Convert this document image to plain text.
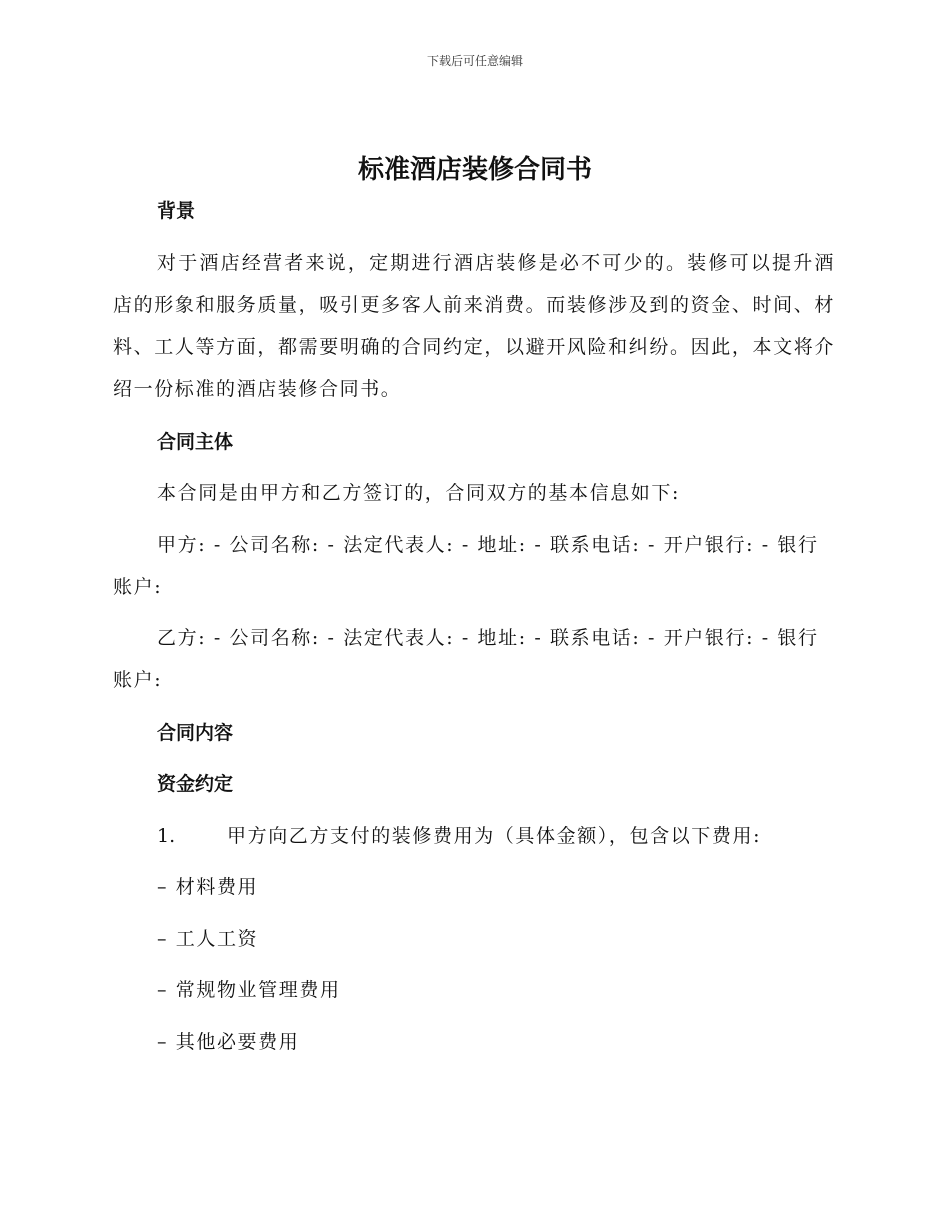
下载后可任意编辑
标准酒店装修合同书
背景

对于酒店经营者来说，定期进行酒店装修是必不可少的。装修可以提升酒店的形象和服务质量，吸引更多客人前来消费。而装修涉及到的资金、时间、材料、工人等方面，都需要明确的合同约定，以避开风险和纠纷。因此，本文将介绍一份标准的酒店装修合同书。

合同主体

本合同是由甲方和乙方签订的，合同双方的基本信息如下:

甲方: - 公司名称: - 法定代表人: - 地址: - 联系电话: - 开户银行: - 银行账户:

乙方: - 公司名称: - 法定代表人: - 地址: - 联系电话: - 开户银行: - 银行账户:

合同内容
资金约定
1.	甲方向乙方支付的装修费用为（具体金额），包含以下费用:

– 材料费用

– 工人工资

– 常规物业管理费用

– 其他必要费用
